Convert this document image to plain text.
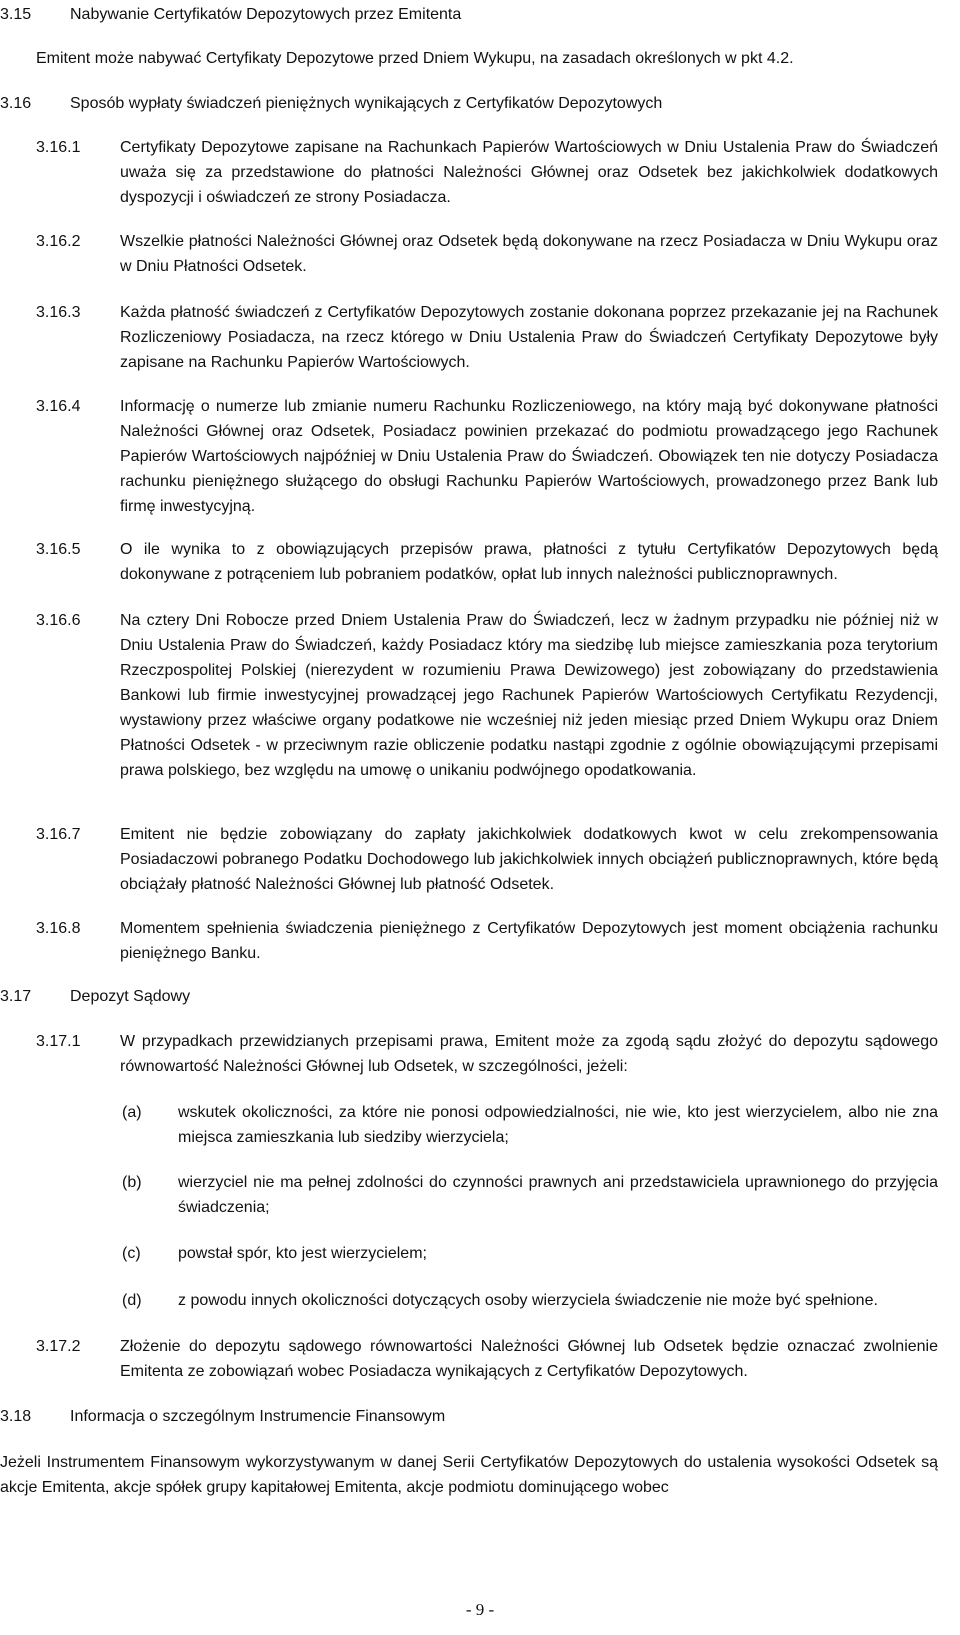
3.15 Nabywanie Certyfikatów Depozytowych przez Emitenta

Emitent może nabywać Certyfikaty Depozytowe przed Dniem Wykupu, na zasadach określonych w pkt 4.2.

3.16 Sposób wypłaty świadczeń pieniężnych wynikających z Certyfikatów Depozytowych
3.16.1 Certyfikaty Depozytowe zapisane na Rachunkach Papierów Wartościowych w Dniu Ustalenia Praw do Świadczeń uważa się za przedstawione do płatności Należności Głównej oraz Odsetek bez jakichkolwiek dodatkowych dyspozycji i oświadczeń ze strony Posiadacza.
3.16.2 Wszelkie płatności Należności Głównej oraz Odsetek będą dokonywane na rzecz Posiadacza w Dniu Wykupu oraz w Dniu Płatności Odsetek.
3.16.3 Każda płatność świadczeń z Certyfikatów Depozytowych zostanie dokonana poprzez przekazanie jej na Rachunek Rozliczeniowy Posiadacza, na rzecz którego w Dniu Ustalenia Praw do Świadczeń Certyfikaty Depozytowe były zapisane na Rachunku Papierów Wartościowych.
3.16.4 Informację o numerze lub zmianie numeru Rachunku Rozliczeniowego, na który mają być dokonywane płatności Należności Głównej oraz Odsetek, Posiadacz powinien przekazać do podmiotu prowadzącego jego Rachunek Papierów Wartościowych najpóźniej w Dniu Ustalenia Praw do Świadczeń. Obowiązek ten nie dotyczy Posiadacza rachunku pieniężnego służącego do obsługi Rachunku Papierów Wartościowych, prowadzonego przez Bank lub firmę inwestycyjną.
3.16.5 O ile wynika to z obowiązujących przepisów prawa, płatności z tytułu Certyfikatów Depozytowych będą dokonywane z potrąceniem lub pobraniem podatków, opłat lub innych należności publicznoprawnych.
3.16.6 Na cztery Dni Robocze przed Dniem Ustalenia Praw do Świadczeń, lecz w żadnym przypadku nie później niż w Dniu Ustalenia Praw do Świadczeń, każdy Posiadacz który ma siedzibę lub miejsce zamieszkania poza terytorium Rzeczpospolitej Polskiej (nierezydent w rozumieniu Prawa Dewizowego) jest zobowiązany do przedstawienia Bankowi lub firmie inwestycyjnej prowadzącej jego Rachunek Papierów Wartościowych Certyfikatu Rezydencji, wystawiony przez właściwe organy podatkowe nie wcześniej niż jeden miesiąc przed Dniem Wykupu oraz Dniem Płatności Odsetek - w przeciwnym razie obliczenie podatku nastąpi zgodnie z ogólnie obowiązującymi przepisami prawa polskiego, bez względu na umowę o unikaniu podwójnego opodatkowania.
3.16.7 Emitent nie będzie zobowiązany do zapłaty jakichkolwiek dodatkowych kwot w celu zrekompensowania Posiadaczowi pobranego Podatku Dochodowego lub jakichkolwiek innych obciążeń publicznoprawnych, które będą obciążały płatność Należności Głównej lub płatność Odsetek.
3.16.8 Momentem spełnienia świadczenia pieniężnego z Certyfikatów Depozytowych jest moment obciążenia rachunku pieniężnego Banku.
3.17 Depozyt Sądowy
3.17.1 W przypadkach przewidzianych przepisami prawa, Emitent może za zgodą sądu złożyć do depozytu sądowego równowartość Należności Głównej lub Odsetek, w szczególności, jeżeli:
(a) wskutek okoliczności, za które nie ponosi odpowiedzialności, nie wie, kto jest wierzycielem, albo nie zna miejsca zamieszkania lub siedziby wierzyciela;
(b) wierzyciel nie ma pełnej zdolności do czynności prawnych ani przedstawiciela uprawnionego do przyjęcia świadczenia;
(c) powstał spór, kto jest wierzycielem;
(d) z powodu innych okoliczności dotyczących osoby wierzyciela świadczenie nie może być spełnione.
3.17.2 Złożenie do depozytu sądowego równowartości Należności Głównej lub Odsetek będzie oznaczać zwolnienie Emitenta ze zobowiązań wobec Posiadacza wynikających z Certyfikatów Depozytowych.
3.18 Informacja o szczególnym Instrumencie Finansowym

Jeżeli Instrumentem Finansowym wykorzystywanym w danej Serii Certyfikatów Depozytowych do ustalenia wysokości Odsetek są akcje Emitenta, akcje spółek grupy kapitałowej Emitenta, akcje podmiotu dominującego wobec

- 9 -
